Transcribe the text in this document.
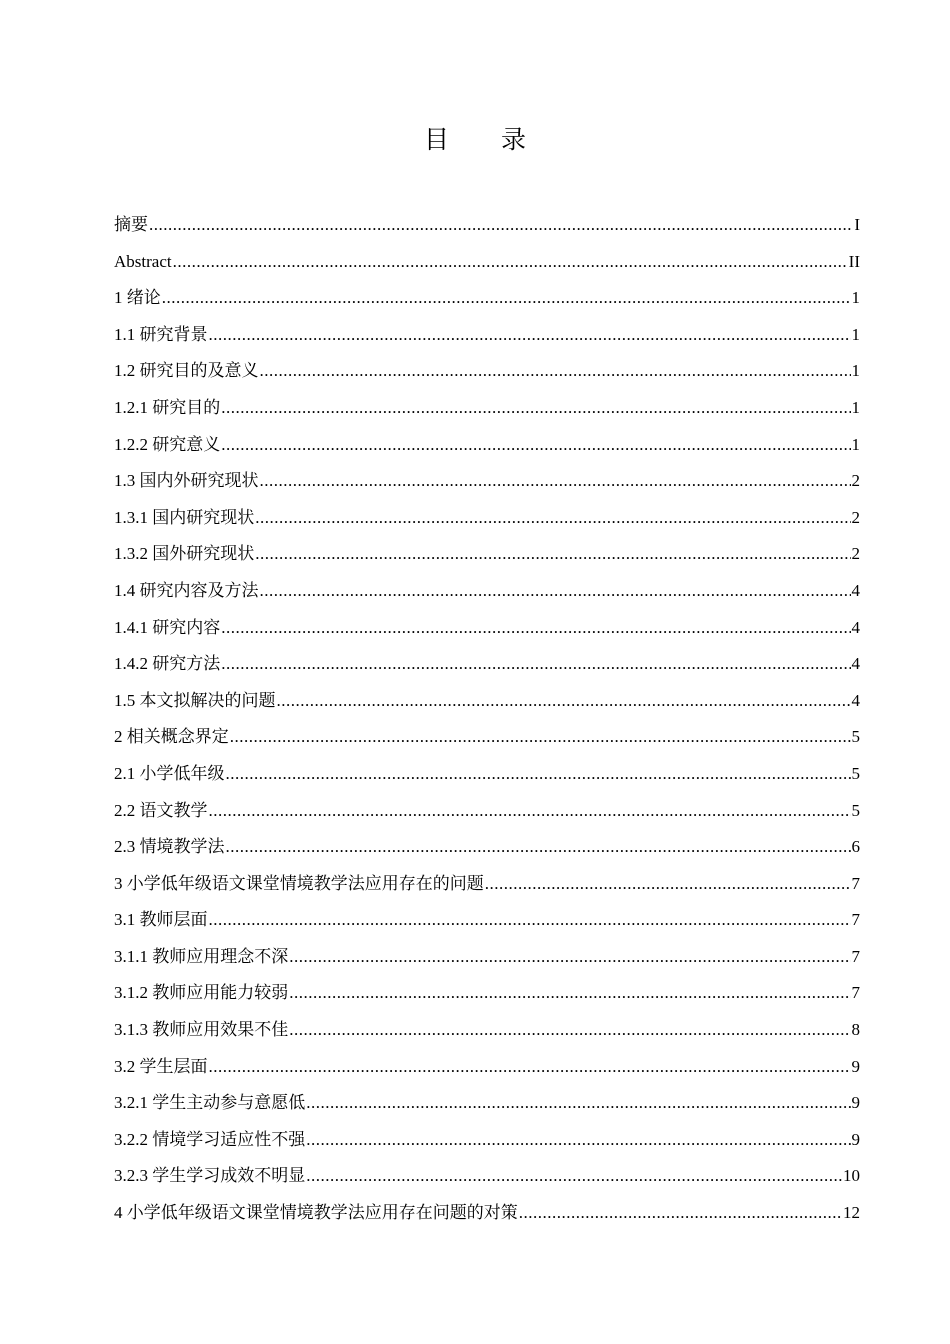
目 录
摘要 .....	I
Abstract .....	II
1 绪论 .....	1
1.1 研究背景 .....	1
1.2 研究目的及意义 .....	1
1.2.1 研究目的 .....	1
1.2.2 研究意义 .....	1
1.3 国内外研究现状 .....	2
1.3.1 国内研究现状 .....	2
1.3.2 国外研究现状 .....	2
1.4 研究内容及方法 .....	4
1.4.1 研究内容 .....	4
1.4.2 研究方法 .....	4
1.5 本文拟解决的问题 .....	4
2 相关概念界定 .....	5
2.1 小学低年级 .....	5
2.2 语文教学 .....	5
2.3 情境教学法 .....	6
3 小学低年级语文课堂情境教学法应用存在的问题 .....	7
3.1 教师层面 .....	7
3.1.1 教师应用理念不深 .....	7
3.1.2 教师应用能力较弱 .....	7
3.1.3 教师应用效果不佳 .....	8
3.2 学生层面 .....	9
3.2.1 学生主动参与意愿低 .....	9
3.2.2 情境学习适应性不强 .....	9
3.2.3 学生学习成效不明显 .....	10
4 小学低年级语文课堂情境教学法应用存在问题的对策 .....	12
